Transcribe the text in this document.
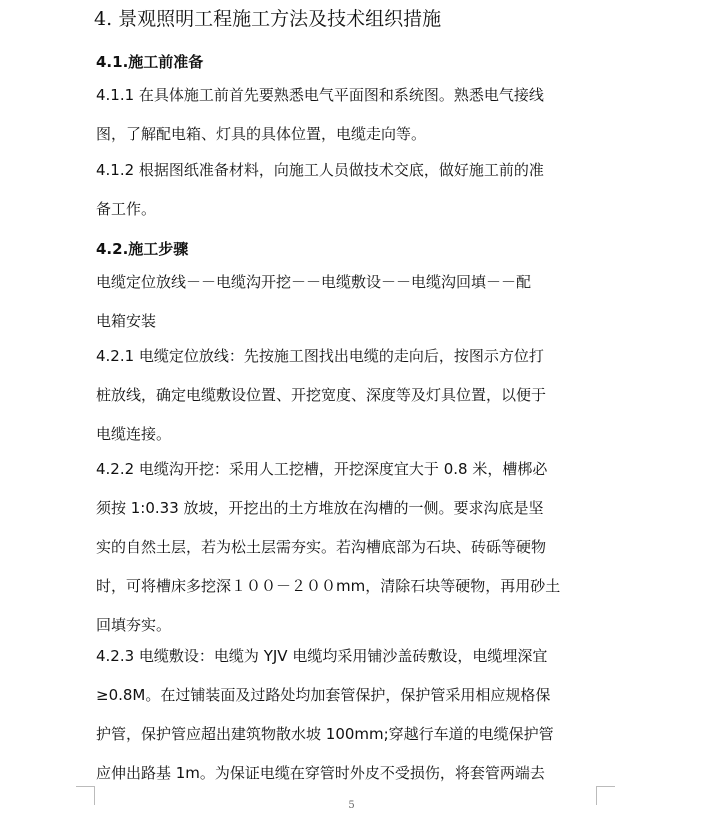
4. 景观照明工程施工方法及技术组织措施
4.1.施工前准备
4.1.1 在具体施工前首先要熟悉电气平面图和系统图。熟悉电气接线
图，了解配电箱、灯具的具体位置，电缆走向等。
4.1.2 根据图纸准备材料，向施工人员做技术交底，做好施工前的准
备工作。
4.2.施工步骤
电缆定位放线－－电缆沟开挖－－电缆敷设－－电缆沟回填－－配
电箱安装
4.2.1 电缆定位放线：先按施工图找出电缆的走向后，按图示方位打
桩放线，确定电缆敷设位置、开挖宽度、深度等及灯具位置，以便于
电缆连接。
4.2.2 电缆沟开挖：采用人工挖槽，开挖深度宜大于 0.8 米，槽梆必
须按 1:0.33 放坡，开挖出的土方堆放在沟槽的一侧。要求沟底是坚
实的自然土层，若为松土层需夯实。若沟槽底部为石块、砖砾等硬物
时，可将槽床多挖深１００－２００mm，清除石块等硬物，再用砂土
回填夯实。
4.2.3 电缆敷设：电缆为 YJV 电缆均采用铺沙盖砖敷设，电缆埋深宜
≥0.8M。在过铺装面及过路处均加套管保护，保护管采用相应规格保
护管，保护管应超出建筑物散水坡 100mm;穿越行车道的电缆保护管
应伸出路基 1m。为保证电缆在穿管时外皮不受损伤，将套管两端去
5
